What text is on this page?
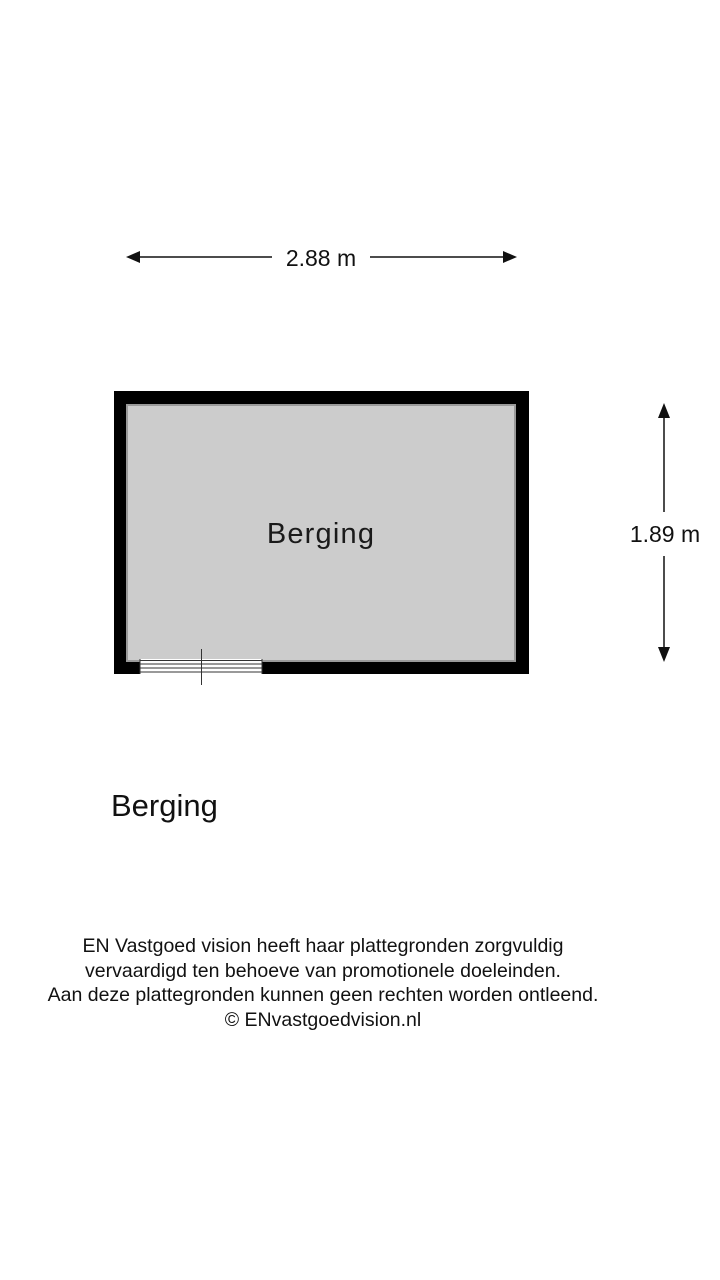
2.88 m
Berging	1.89 m
Berging
EN Vastgoed vision heeft haar plattegronden zorgvuldig
vervaardigd ten behoeve van promotionele doeleinden.
Aan deze plattegronden kunnen geen rechten worden ontleend.
© ENvastgoedvision.nl
